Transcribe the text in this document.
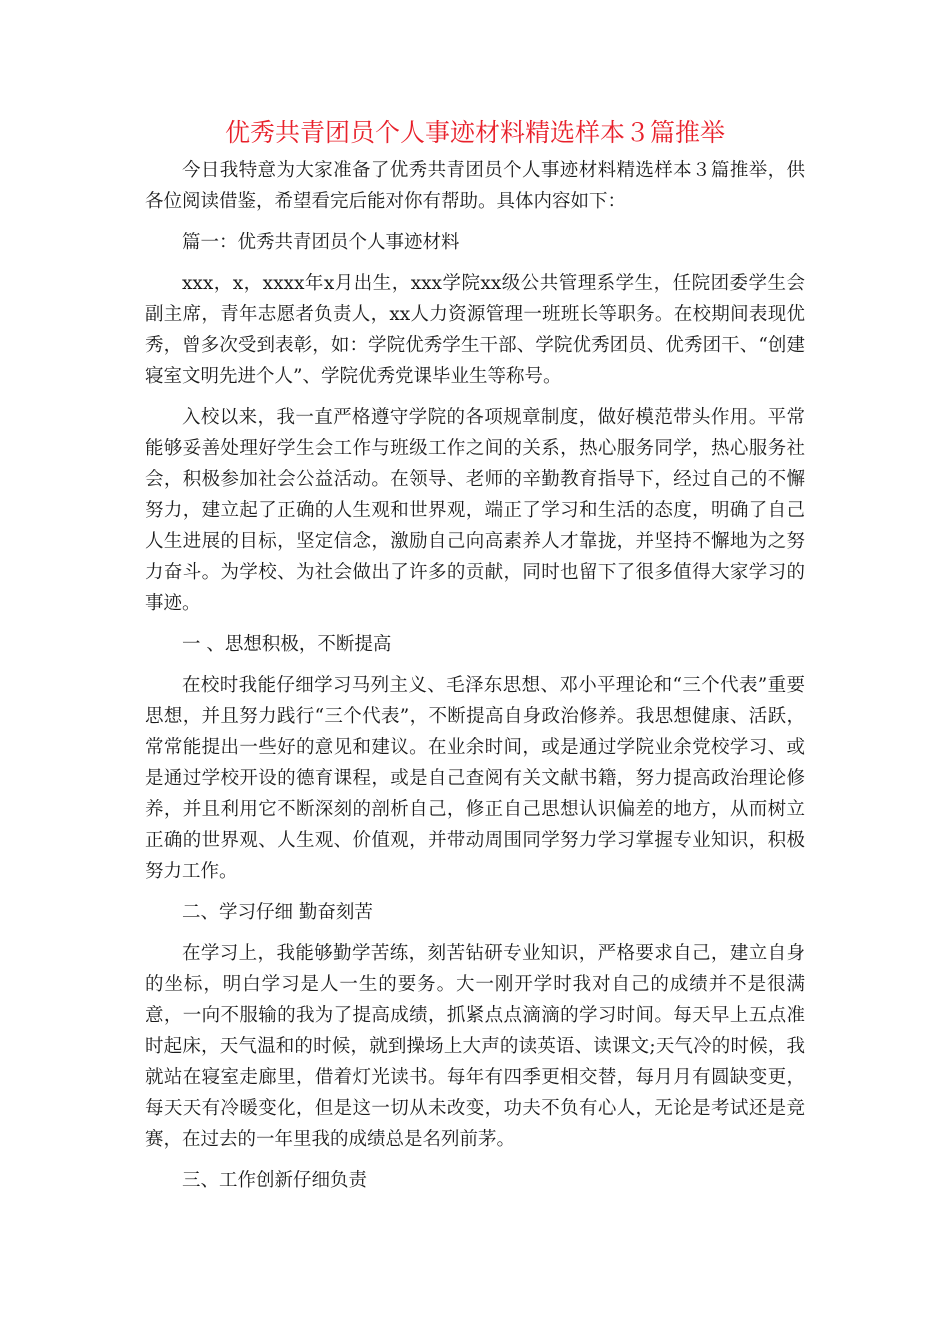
优秀共青团员个人事迹材料精选样本３篇推举

今日我特意为大家准备了优秀共青团员个人事迹材料精选样本３篇推举，供各位阅读借鉴，希望看完后能对你有帮助。具体内容如下：

篇一：优秀共青团员个人事迹材料

xxx，x，xxxx年x月出生，xxx学院xx级公共管理系学生，任院团委学生会副主席，青年志愿者负责人，xx人力资源管理一班班长等职务。在校期间表现优秀，曾多次受到表彰，如：学院优秀学生干部、学院优秀团员、优秀团干、“创建寝室文明先进个人”、学院优秀党课毕业生等称号。

入校以来，我一直严格遵守学院的各项规章制度，做好模范带头作用。平常能够妥善处理好学生会工作与班级工作之间的关系，热心服务同学，热心服务社会，积极参加社会公益活动。在领导、老师的辛勤教育指导下，经过自己的不懈努力，建立起了正确的人生观和世界观，端正了学习和生活的态度，明确了自己人生进展的目标，坚定信念，激励自己向高素养人才靠拢，并坚持不懈地为之努力奋斗。为学校、为社会做出了许多的贡献，同时也留下了很多值得大家学习的事迹。

一 、思想积极，不断提高

在校时我能仔细学习马列主义、毛泽东思想、邓小平理论和“三个代表”重要思想，并且努力践行“三个代表”，不断提高自身政治修养。我思想健康、活跃，常常能提出一些好的意见和建议。在业余时间，或是通过学院业余党校学习、或是通过学校开设的德育课程，或是自己查阅有关文献书籍，努力提高政治理论修养，并且利用它不断深刻的剖析自己，修正自己思想认识偏差的地方，从而树立正确的世界观、人生观、价值观，并带动周围同学努力学习掌握专业知识，积极努力工作。

二、学习仔细 勤奋刻苦

在学习上，我能够勤学苦练，刻苦钻研专业知识，严格要求自己，建立自身的坐标，明白学习是人一生的要务。大一刚开学时我对自己的成绩并不是很满意，一向不服输的我为了提高成绩，抓紧点点滴滴的学习时间。每天早上五点准时起床，天气温和的时候，就到操场上大声的读英语、读课文;天气冷的时候，我就站在寝室走廊里，借着灯光读书。每年有四季更相交替，每月月有圆缺变更，每天天有冷暖变化，但是这一切从未改变，功夫不负有心人，无论是考试还是竞赛，在过去的一年里我的成绩总是名列前茅。

三、工作创新仔细负责
